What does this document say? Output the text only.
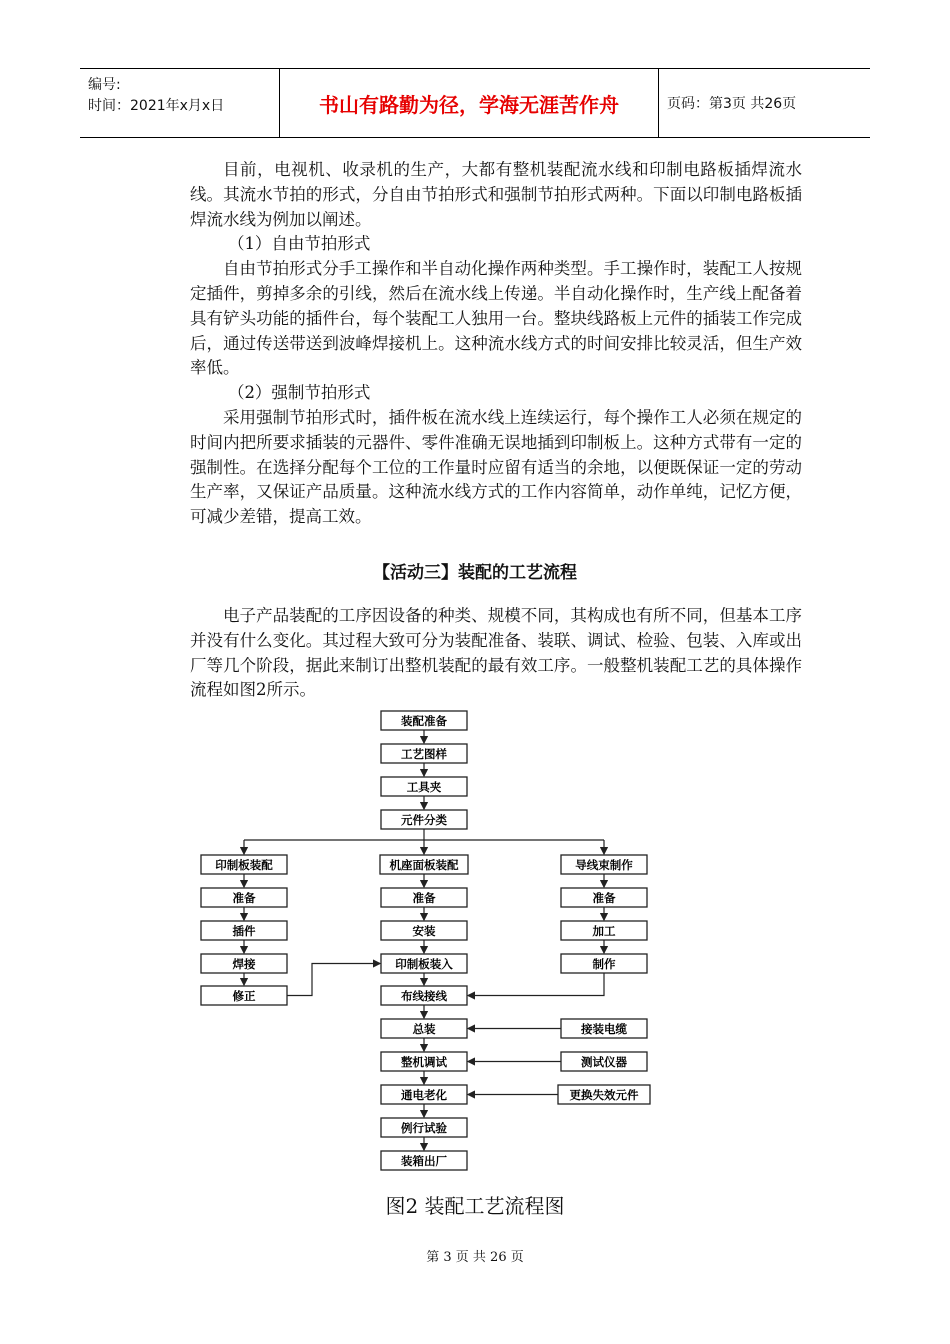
编号:
时间：2021年x月x日	书山有路勤为径，学海无涯苦作舟	页码：第3页 共26页

目前，电视机、收录机的生产，大都有整机装配流水线和印制电路板插焊流水线。其流水节拍的形式，分自由节拍形式和强制节拍形式两种。下面以印制电路板插焊流水线为例加以阐述。

（1）自由节拍形式

自由节拍形式分手工操作和半自动化操作两种类型。手工操作时，装配工人按规定插件，剪掉多余的引线，然后在流水线上传递。半自动化操作时，生产线上配备着具有铲头功能的插件台，每个装配工人独用一台。整块线路板上元件的插装工作完成后，通过传送带送到波峰焊接机上。这种流水线方式的时间安排比较灵活，但生产效率低。

（2）强制节拍形式

采用强制节拍形式时，插件板在流水线上连续运行，每个操作工人必须在规定的时间内把所要求插装的元器件、零件准确无误地插到印制板上。这种方式带有一定的强制性。在选择分配每个工位的工作量时应留有适当的余地，以便既保证一定的劳动生产率，又保证产品质量。这种流水线方式的工作内容简单，动作单纯，记忆方便，可减少差错，提高工效。

【活动三】装配的工艺流程

电子产品装配的工序因设备的种类、规模不同，其构成也有所不同，但基本工序并没有什么变化。其过程大致可分为装配准备、装联、调试、检验、包装、入库或出厂等几个阶段，据此来制订出整机装配的最有效工序。一般整机装配工艺的具体操作流程如图2所示。

装配准备
工艺图样
工具夹
元件分类
机座面板装配
准备
安装
印制板装入
布线接线
总装
整机调试
通电老化
例行试验
装箱出厂
印制板装配
准备
插件
焊接
修正
导线束制作
准备
加工
制作
接装电缆
测试仪器
更换失效元件
图2 装配工艺流程图
第 3 页 共 26 页
